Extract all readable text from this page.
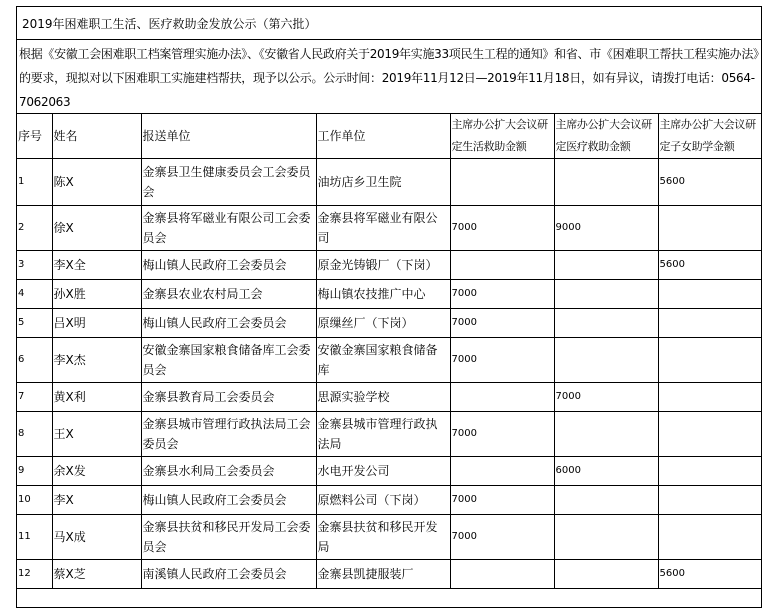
2019年困难职工生活、医疗救助金发放公示（第六批）
根据《安徽工会困难职工档案管理实施办法》、《安徽省人民政府关于2019年实施33项民生工程的通知》和省、市《困难职工帮扶工程实施办法》的要求，现拟对以下困难职工实施建档帮扶，现予以公示。公示时间：2019年11月12日—2019年11月18日，如有异议，请拨打电话：0564-7062063
序号	姓名	报送单位	工作单位	主席办公扩大会议研定生活救助金额	主席办公扩大会议研定医疗救助金额	主席办公扩大会议研定子女助学金额
1	陈X	金寨县卫生健康委员会工会委员会	油坊店乡卫生院			5600
2	徐X	金寨县将军磁业有限公司工会委员会	金寨县将军磁业有限公司	7000	9000	
3	李X全	梅山镇人民政府工会委员会	原金光铸锻厂（下岗）			5600
4	孙X胜	金寨县农业农村局工会	梅山镇农技推广中心	7000		
5	吕X明	梅山镇人民政府工会委员会	原缫丝厂（下岗）	7000		
6	李X杰	安徽金寨国家粮食储备库工会委员会	安徽金寨国家粮食储备库	7000		
7	黄X利	金寨县教育局工会委员会	思源实验学校		7000	
8	王X	金寨县城市管理行政执法局工会委员会	金寨县城市管理行政执法局	7000		
9	余X发	金寨县水利局工会委员会	水电开发公司		6000	
10	李X	梅山镇人民政府工会委员会	原燃料公司（下岗）	7000		
11	马X成	金寨县扶贫和移民开发局工会委员会	金寨县扶贫和移民开发局	7000		
12	蔡X芝	南溪镇人民政府工会委员会	金寨县凯捷服装厂			5600
